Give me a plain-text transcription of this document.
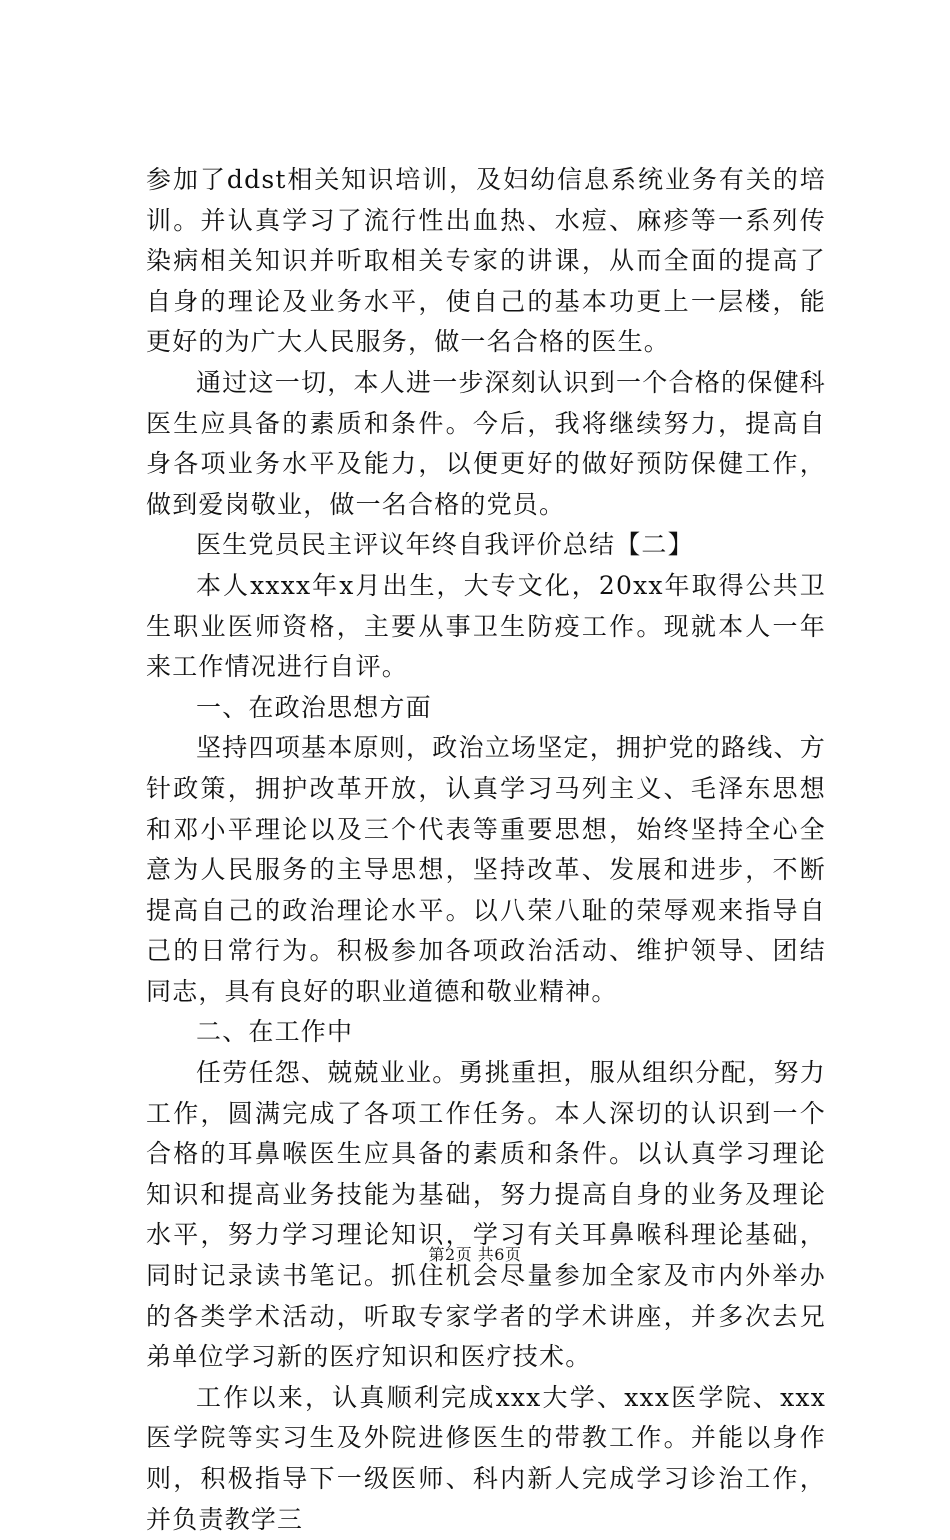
参加了ddst相关知识培训，及妇幼信息系统业务有关的培训。并认真学习了流行性出血热、水痘、麻疹等一系列传染病相关知识并听取相关专家的讲课，从而全面的提高了自身的理论及业务水平，使自己的基本功更上一层楼，能更好的为广大人民服务，做一名合格的医生。

通过这一切，本人进一步深刻认识到一个合格的保健科医生应具备的素质和条件。今后，我将继续努力，提高自身各项业务水平及能力，以便更好的做好预防保健工作，做到爱岗敬业，做一名合格的党员。

医生党员民主评议年终自我评价总结【二】

本人xxxx年x月出生，大专文化，20xx年取得公共卫生职业医师资格，主要从事卫生防疫工作。现就本人一年来工作情况进行自评。

一、在政治思想方面

坚持四项基本原则，政治立场坚定，拥护党的路线、方针政策，拥护改革开放，认真学习马列主义、毛泽东思想和邓小平理论以及三个代表等重要思想，始终坚持全心全意为人民服务的主导思想，坚持改革、发展和进步，不断提高自己的政治理论水平。以八荣八耻的荣辱观来指导自己的日常行为。积极参加各项政治活动、维护领导、团结同志，具有良好的职业道德和敬业精神。

二、在工作中

任劳任怨、兢兢业业。勇挑重担，服从组织分配，努力工作，圆满完成了各项工作任务。本人深切的认识到一个合格的耳鼻喉医生应具备的素质和条件。以认真学习理论知识和提高业务技能为基础，努力提高自身的业务及理论水平，努力学习理论知识，学习有关耳鼻喉科理论基础，同时记录读书笔记。抓住机会尽量参加全家及市内外举办的各类学术活动，听取专家学者的学术讲座，并多次去兄弟单位学习新的医疗知识和医疗技术。

工作以来，认真顺利完成xxx大学、xxx医学院、xxx医学院等实习生及外院进修医生的带教工作。并能以身作则，积极指导下一级医师、科内新人完成学习诊治工作，并负责教学三

第2页 共6页
